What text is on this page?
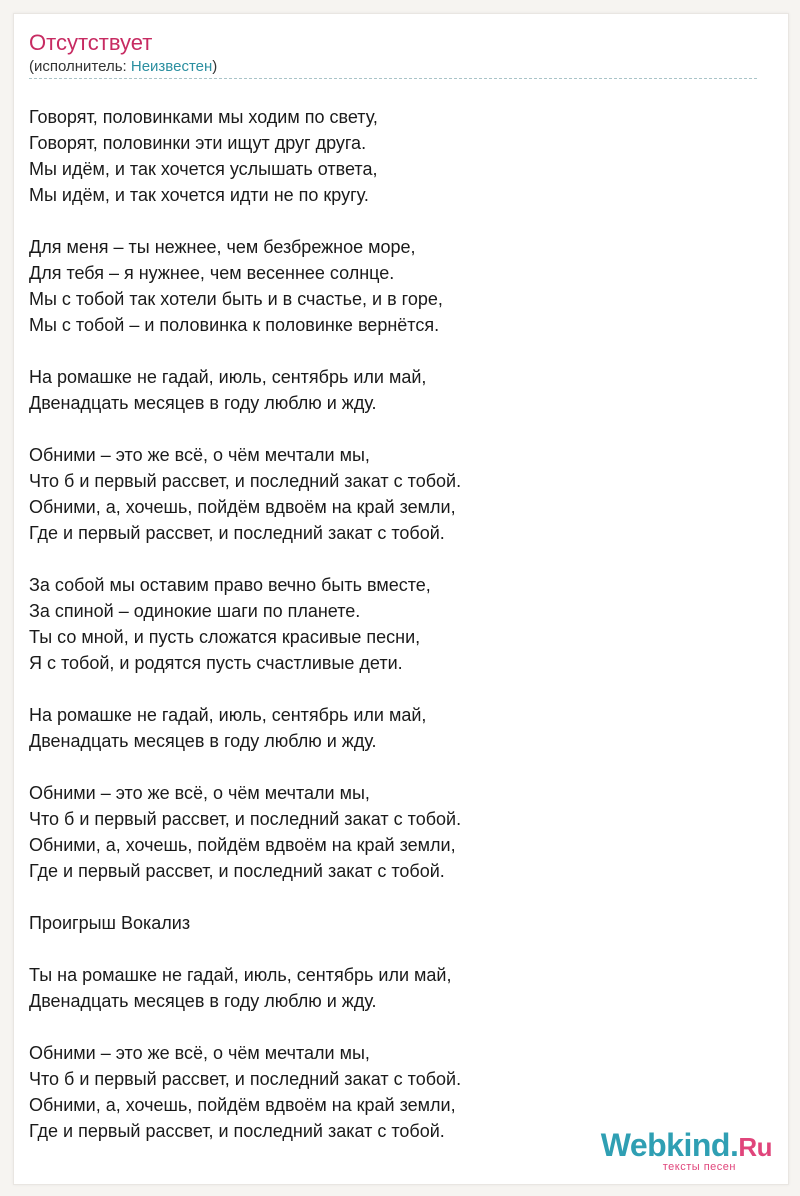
Отсутствует
(исполнитель: Неизвестен)
Говорят, половинками мы ходим по свету,
Говорят, половинки эти ищут друг друга.
Мы идём, и так хочется услышать ответа,
Мы идём, и так хочется идти не по кругу.
Для меня – ты нежнее, чем безбрежное море,
Для тебя – я нужнее, чем весеннее солнце.
Мы с тобой так хотели быть и в счастье, и в горе,
Мы с тобой – и половинка к половинке вернётся.
На ромашке не гадай, июль, сентябрь или май,
Двенадцать месяцев в году люблю и жду.
Обними – это же всё, о чём мечтали мы,
Что б и первый рассвет, и последний закат с тобой.
Обними, а, хочешь, пойдём вдвоём на край земли,
Где и первый рассвет, и последний закат с тобой.
За собой мы оставим право вечно быть вместе,
За спиной – одинокие шаги по планете.
Ты со мной, и пусть сложатся красивые песни,
Я с тобой, и родятся пусть счастливые дети.
На ромашке не гадай, июль, сентябрь или май,
Двенадцать месяцев в году люблю и жду.
Обними – это же всё, о чём мечтали мы,
Что б и первый рассвет, и последний закат с тобой.
Обними, а, хочешь, пойдём вдвоём на край земли,
Где и первый рассвет, и последний закат с тобой.
Проигрыш Вокализ
Ты на ромашке не гадай, июль, сентябрь или май,
Двенадцать месяцев в году люблю и жду.
Обними – это же всё, о чём мечтали мы,
Что б и первый рассвет, и последний закат с тобой.
Обними, а, хочешь, пойдём вдвоём на край земли,
Где и первый рассвет, и последний закат с тобой.	Webkind.Ru
тексты песен
